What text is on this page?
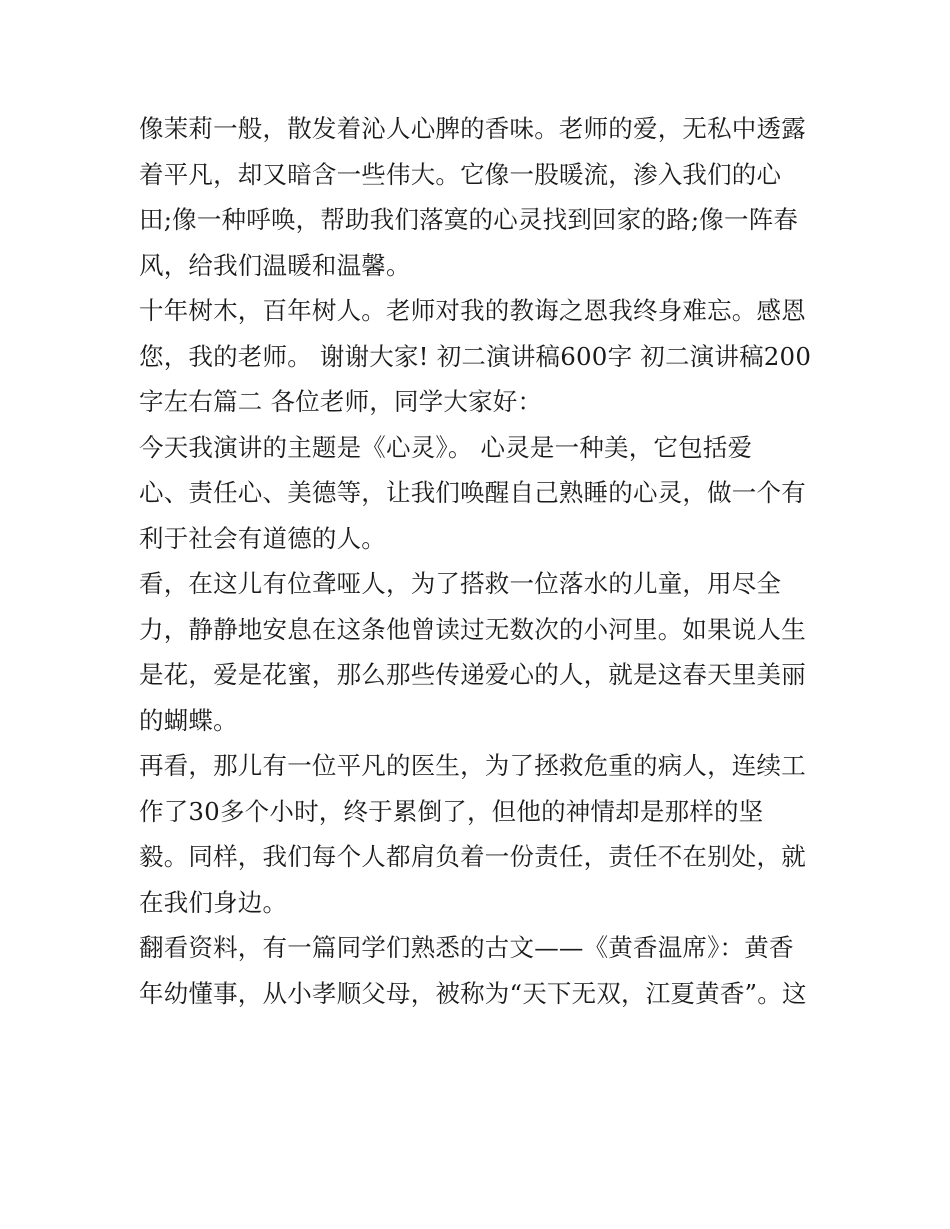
像茉莉一般，散发着沁人心脾的香味。老师的爱，无私中透露
着平凡，却又暗含一些伟大。它像一股暖流，渗入我们的心
田;像一种呼唤，帮助我们落寞的心灵找到回家的路;像一阵春
风，给我们温暖和温馨。
十年树木，百年树人。老师对我的教诲之恩我终身难忘。感恩
您，我的老师。 谢谢大家! 初二演讲稿600字 初二演讲稿200
字左右篇二 各位老师，同学大家好：
今天我演讲的主题是《心灵》。 心灵是一种美，它包括爱
心、责任心、美德等，让我们唤醒自己熟睡的心灵，做一个有
利于社会有道德的人。
看，在这儿有位聋哑人，为了搭救一位落水的儿童，用尽全
力，静静地安息在这条他曾读过无数次的小河里。如果说人生
是花，爱是花蜜，那么那些传递爱心的人，就是这春天里美丽
的蝴蝶。
再看，那儿有一位平凡的医生，为了拯救危重的病人，连续工
作了30多个小时，终于累倒了，但他的神情却是那样的坚
毅。同样，我们每个人都肩负着一份责任，责任不在别处，就
在我们身边。
翻看资料，有一篇同学们熟悉的古文——《黄香温席》：黄香
年幼懂事，从小孝顺父母，被称为“天下无双，江夏黄香”。这
